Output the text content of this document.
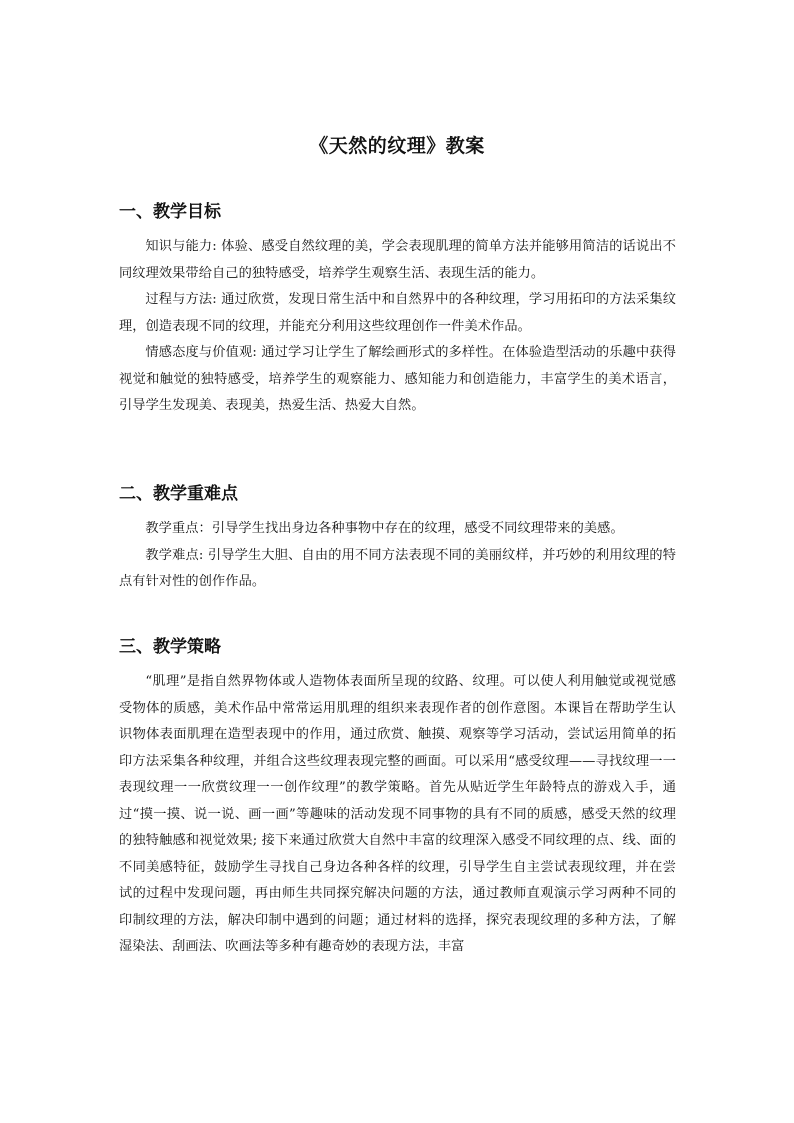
《天然的纹理》教案
一、教学目标

知识与能力: 体验、感受自然纹理的美，学会表现肌理的简单方法并能够用简洁的话说出不同纹理效果带给自己的独特感受，培养学生观察生活、表现生活的能力。

过程与方法: 通过欣赏，发现日常生活中和自然界中的各种纹理，学习用拓印的方法采集纹理，创造表现不同的纹理，并能充分利用这些纹理创作一件美术作品。

情感态度与价值观: 通过学习让学生了解绘画形式的多样性。在体验造型活动的乐趣中获得视觉和触觉的独特感受，培养学生的观察能力、感知能力和创造能力，丰富学生的美术语言，引导学生发现美、表现美，热爱生活、热爱大自然。

二、教学重难点

教学重点：引导学生找出身边各种事物中存在的纹理，感受不同纹理带来的美感。

教学难点: 引导学生大胆、自由的用不同方法表现不同的美丽纹样，并巧妙的利用纹理的特点有针对性的创作作品。

三、教学策略

“肌理”是指自然界物体或人造物体表面所呈现的纹路、纹理。可以使人利用触觉或视觉感受物体的质感，美术作品中常常运用肌理的组织来表现作者的创作意图。本课旨在帮助学生认识物体表面肌理在造型表现中的作用，通过欣赏、触摸、观察等学习活动，尝试运用简单的拓印方法采集各种纹理，并组合这些纹理表现完整的画面。可以采用“感受纹理——寻找纹理一一表现纹理一一欣赏纹理一一创作纹理”的教学策略。首先从贴近学生年龄特点的游戏入手，通过“摸一摸、说一说、画一画”等趣味的活动发现不同事物的具有不同的质感，感受天然的纹理的独特触感和视觉效果; 接下来通过欣赏大自然中丰富的纹理深入感受不同纹理的点、线、面的不同美感特征，鼓励学生寻找自己身边各种各样的纹理，引导学生自主尝试表现纹理，并在尝试的过程中发现问题，再由师生共同探究解决问题的方法，通过教师直观演示学习两种不同的印制纹理的方法，解决印制中遇到的问题；通过材料的选择，探究表现纹理的多种方法，了解湿染法、刮画法、吹画法等多种有趣奇妙的表现方法，丰富
